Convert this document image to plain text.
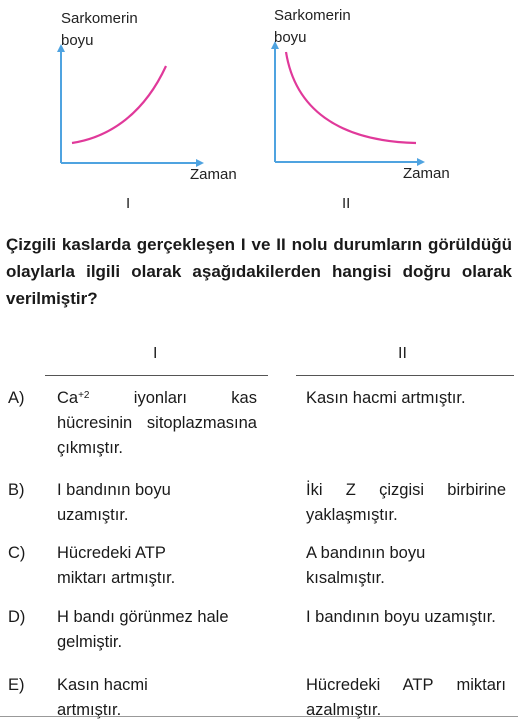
Sarkomerin
boyu
Zaman
I
Sarkomerin
boyu
Zaman
II
Çizgili kaslarda gerçekleşen I ve II nolu durumların görüldüğü olaylarla ilgili olarak aşağıdakilerden hangisi doğru olarak verilmiştir?
I	II
A) $Ca^{+2}$ iyonları kas hücresinin sitoplazmasına çıkmıştır.
Kasın hacmi artmıştır.
B) I bandının boyu uzamıştır.
İki Z çizgisi birbirine yaklaşmıştır.
C) Hücredeki ATP miktarı artmıştır.
A bandının boyu kısalmıştır.
D) H bandı görünmez hale gelmiştir.
I bandının boyu uzamıştır.
E) Kasın hacmi artmıştır.
Hücredeki ATP miktarı azalmıştır.
